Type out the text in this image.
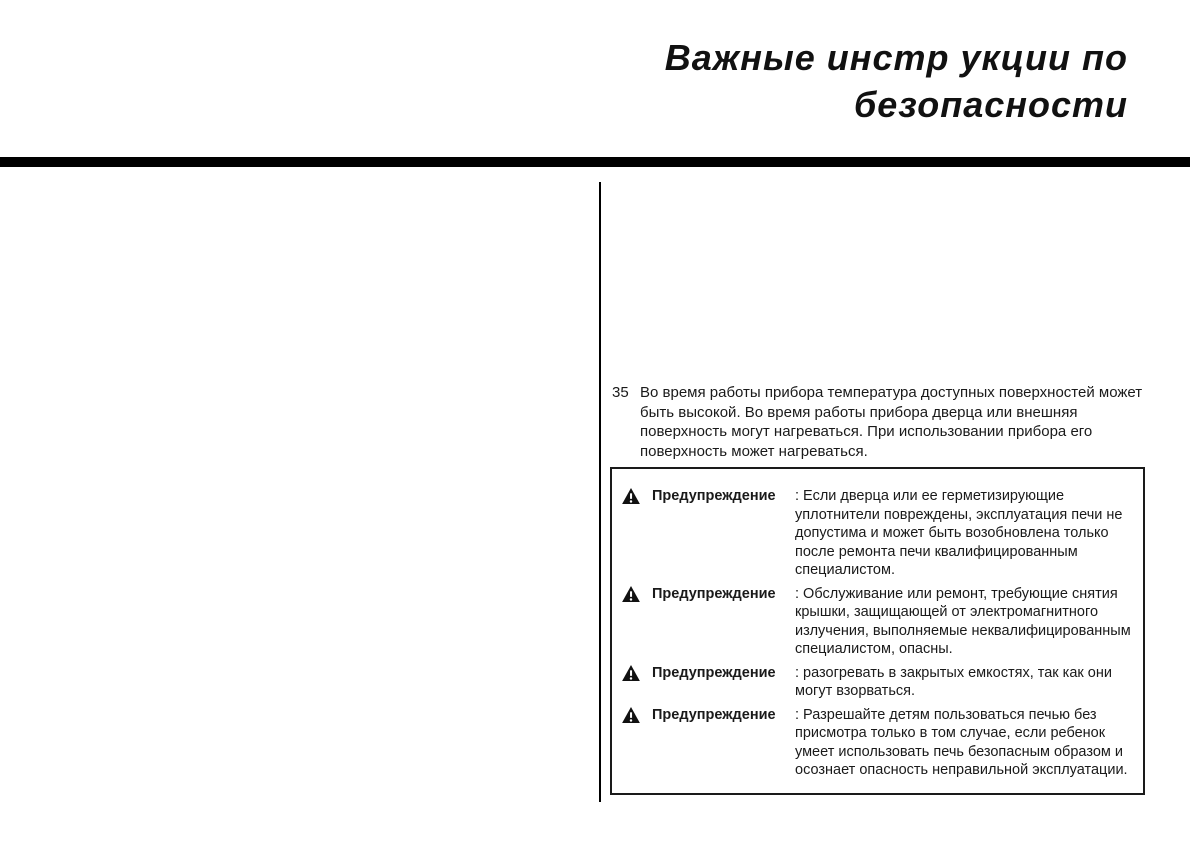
Важные инстр укции по
безопасности
35 Во время работы прибора температура доступных поверхностей может быть высокой. Во время работы прибора дверца или внешняя поверхность могут нагреваться. При использовании прибора его поверхность может нагреваться.
Предупреждение	: Если дверца или ее герметизирующие уплотнители повреждены, эксплуатация печи не допустима и может быть возобновлена только после ремонта печи квалифицированным специалистом.
Предупреждение	: Обслуживание или ремонт, требующие снятия крышки, защищающей от электромагнитного излучения, выполняемые неквалифицированным специалистом, опасны.
Предупреждение	: разогревать в закрытых емкостях, так как они могут взорваться.
Предупреждение	: Разрешайте детям пользоваться печью без присмотра только в том случае, если ребенок умеет использовать печь безопасным образом и осознает опасность неправильной эксплуатации.
